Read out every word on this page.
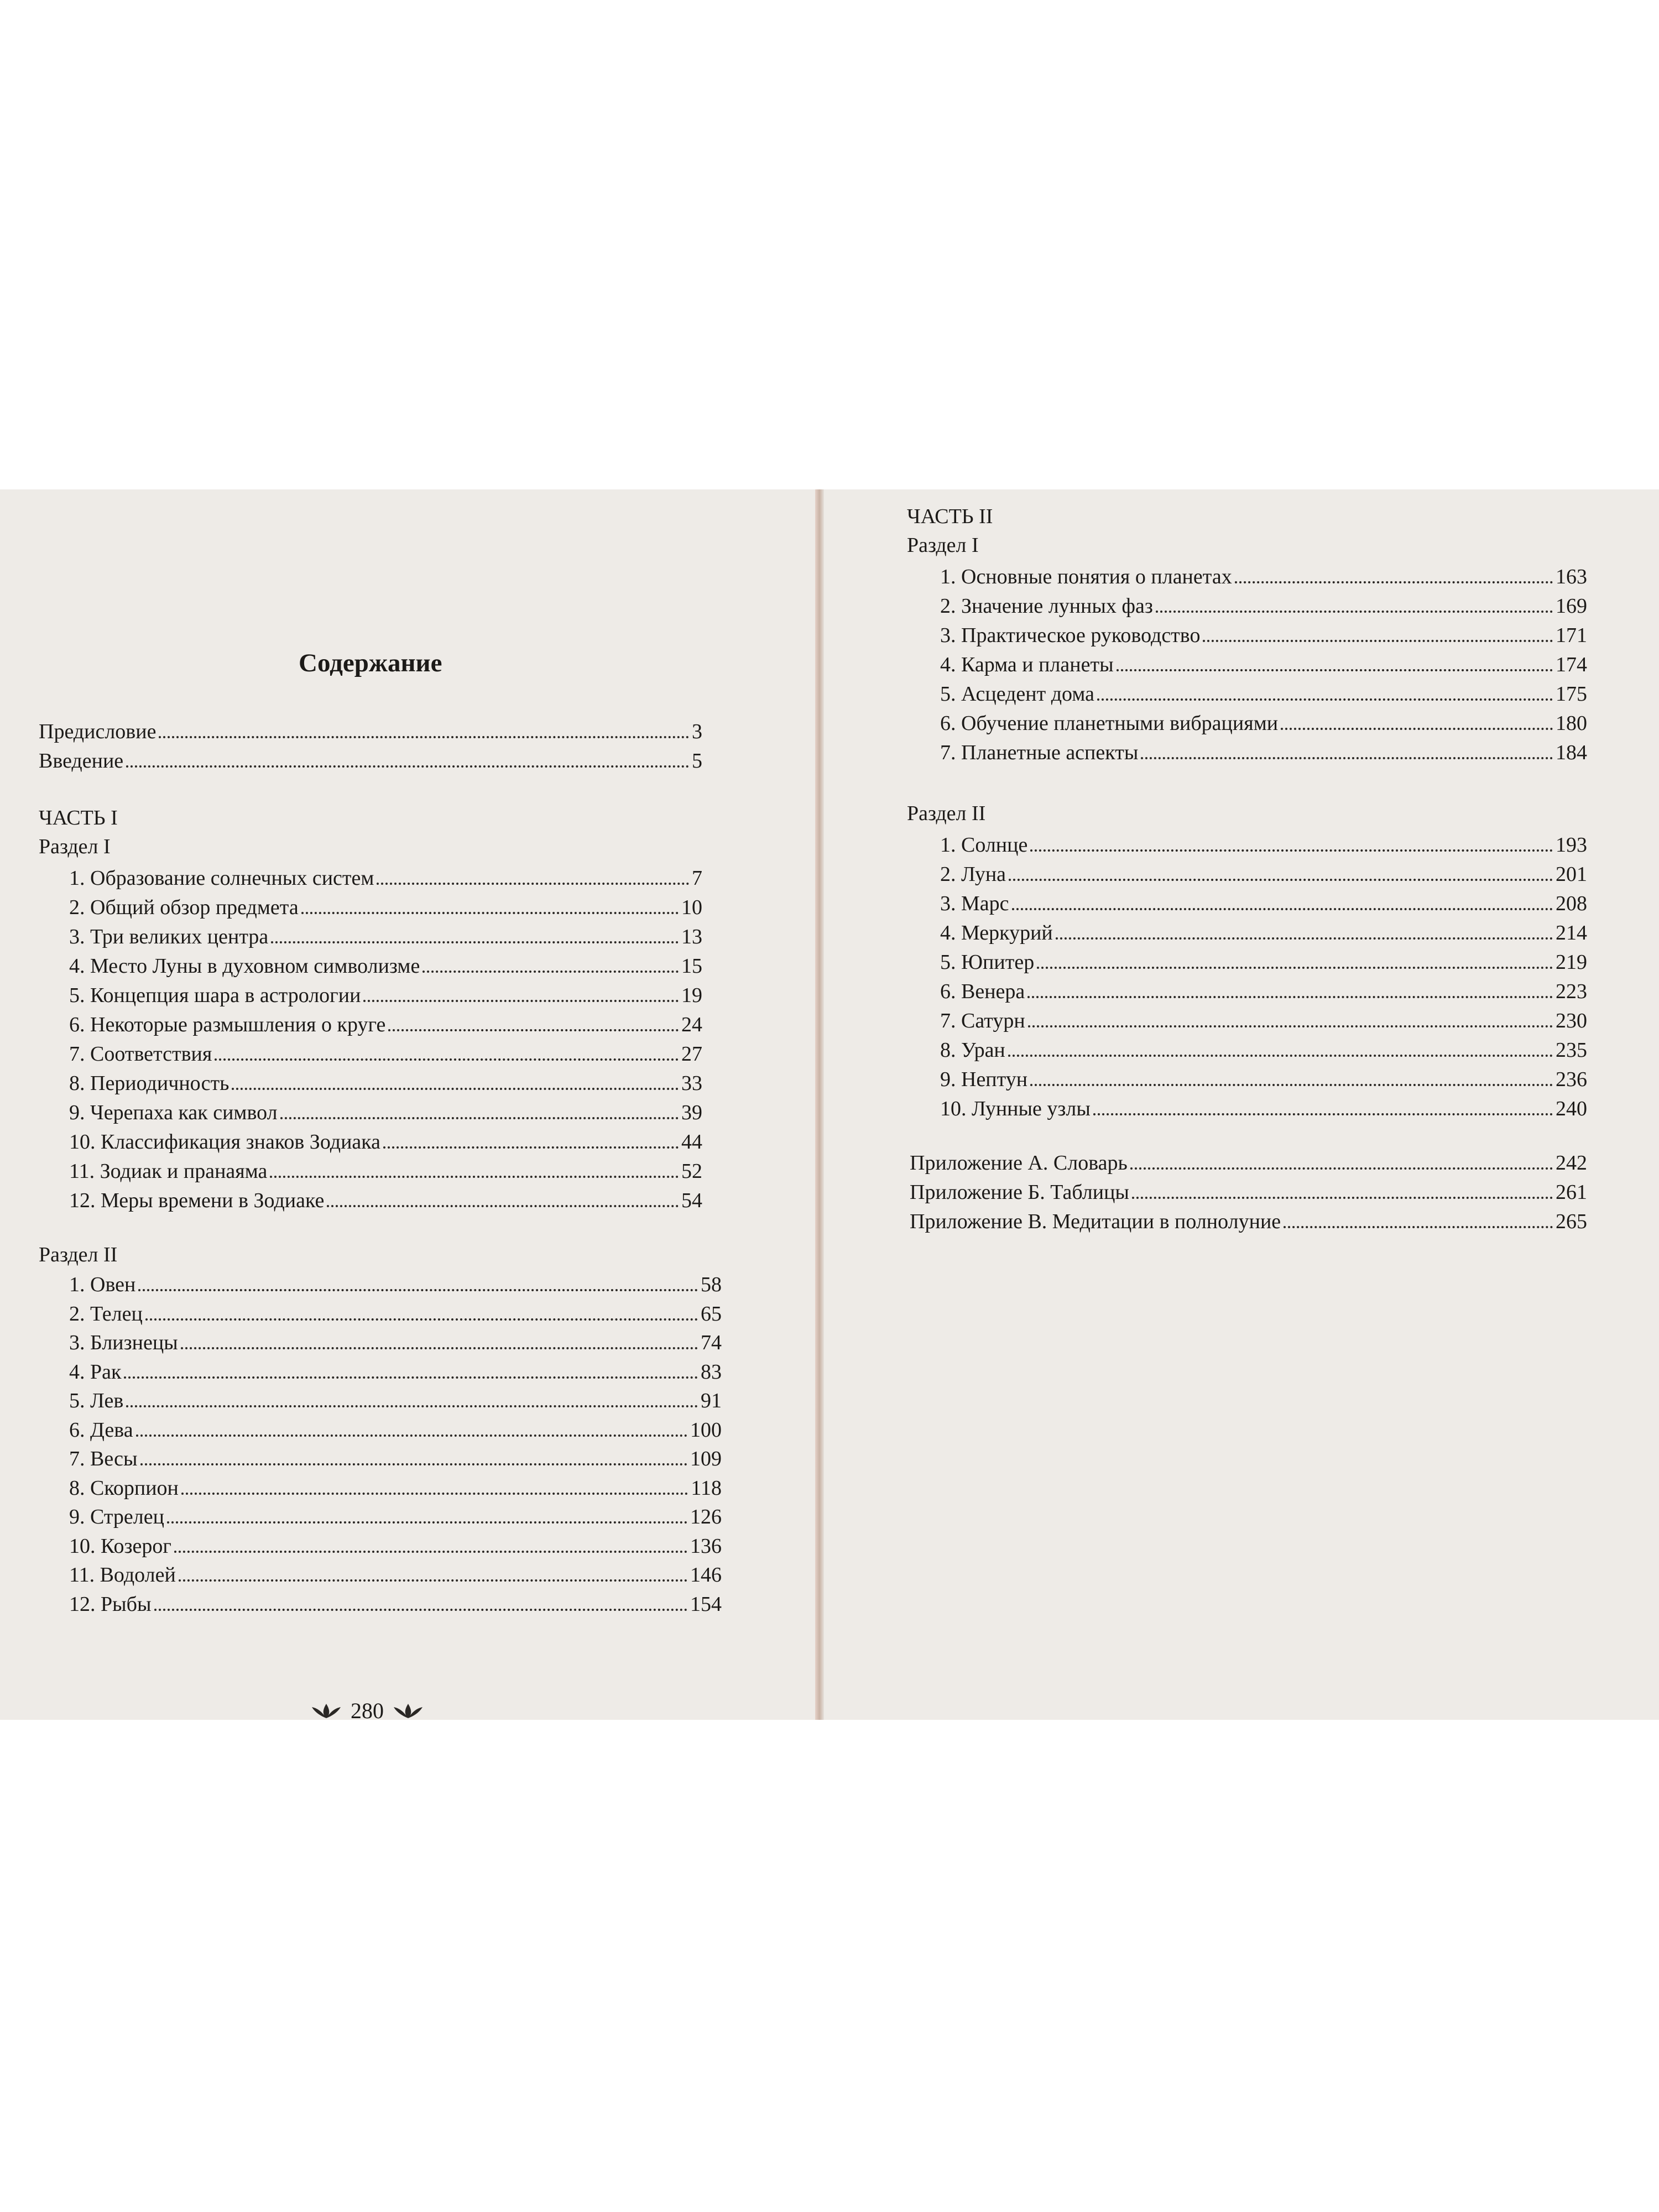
Содержание
Предисловие	3
Введение	5
ЧАСТЬ I
Раздел I
1. Образование солнечных систем	7
2. Общий обзор предмета	10
3. Три великих центра	13
4. Место Луны в духовном символизме	15
5. Концепция шара в астрологии	19
6. Некоторые размышления о круге	24
7. Соответствия	27
8. Периодичность	33
9. Черепаха как символ	39
10. Классификация знаков Зодиака	44
11. Зодиак и пранаяма	52
12. Меры времени в Зодиаке	54
Раздел II
1. Овен	58
2. Телец	65
3. Близнецы	74
4. Рак	83
5. Лев	91
6. Дева	100
7. Весы	109
8. Скорпион	118
9. Стрелец	126
10. Козерог	136
11. Водолей	146
12. Рыбы	154
280
ЧАСТЬ II
Раздел I
1. Основные понятия о планетах	163
2. Значение лунных фаз	169
3. Практическое руководство	171
4. Карма и планеты	174
5. Асцедент дома	175
6. Обучение планетными вибрациями	180
7. Планетные аспекты	184
Раздел II
1. Солнце	193
2. Луна	201
3. Марс	208
4. Меркурий	214
5. Юпитер	219
6. Венера	223
7. Сатурн	230
8. Уран	235
9. Нептун	236
10. Лунные узлы	240
Приложение А. Словарь	242
Приложение Б. Таблицы	261
Приложение В. Медитации в полнолуние	265
